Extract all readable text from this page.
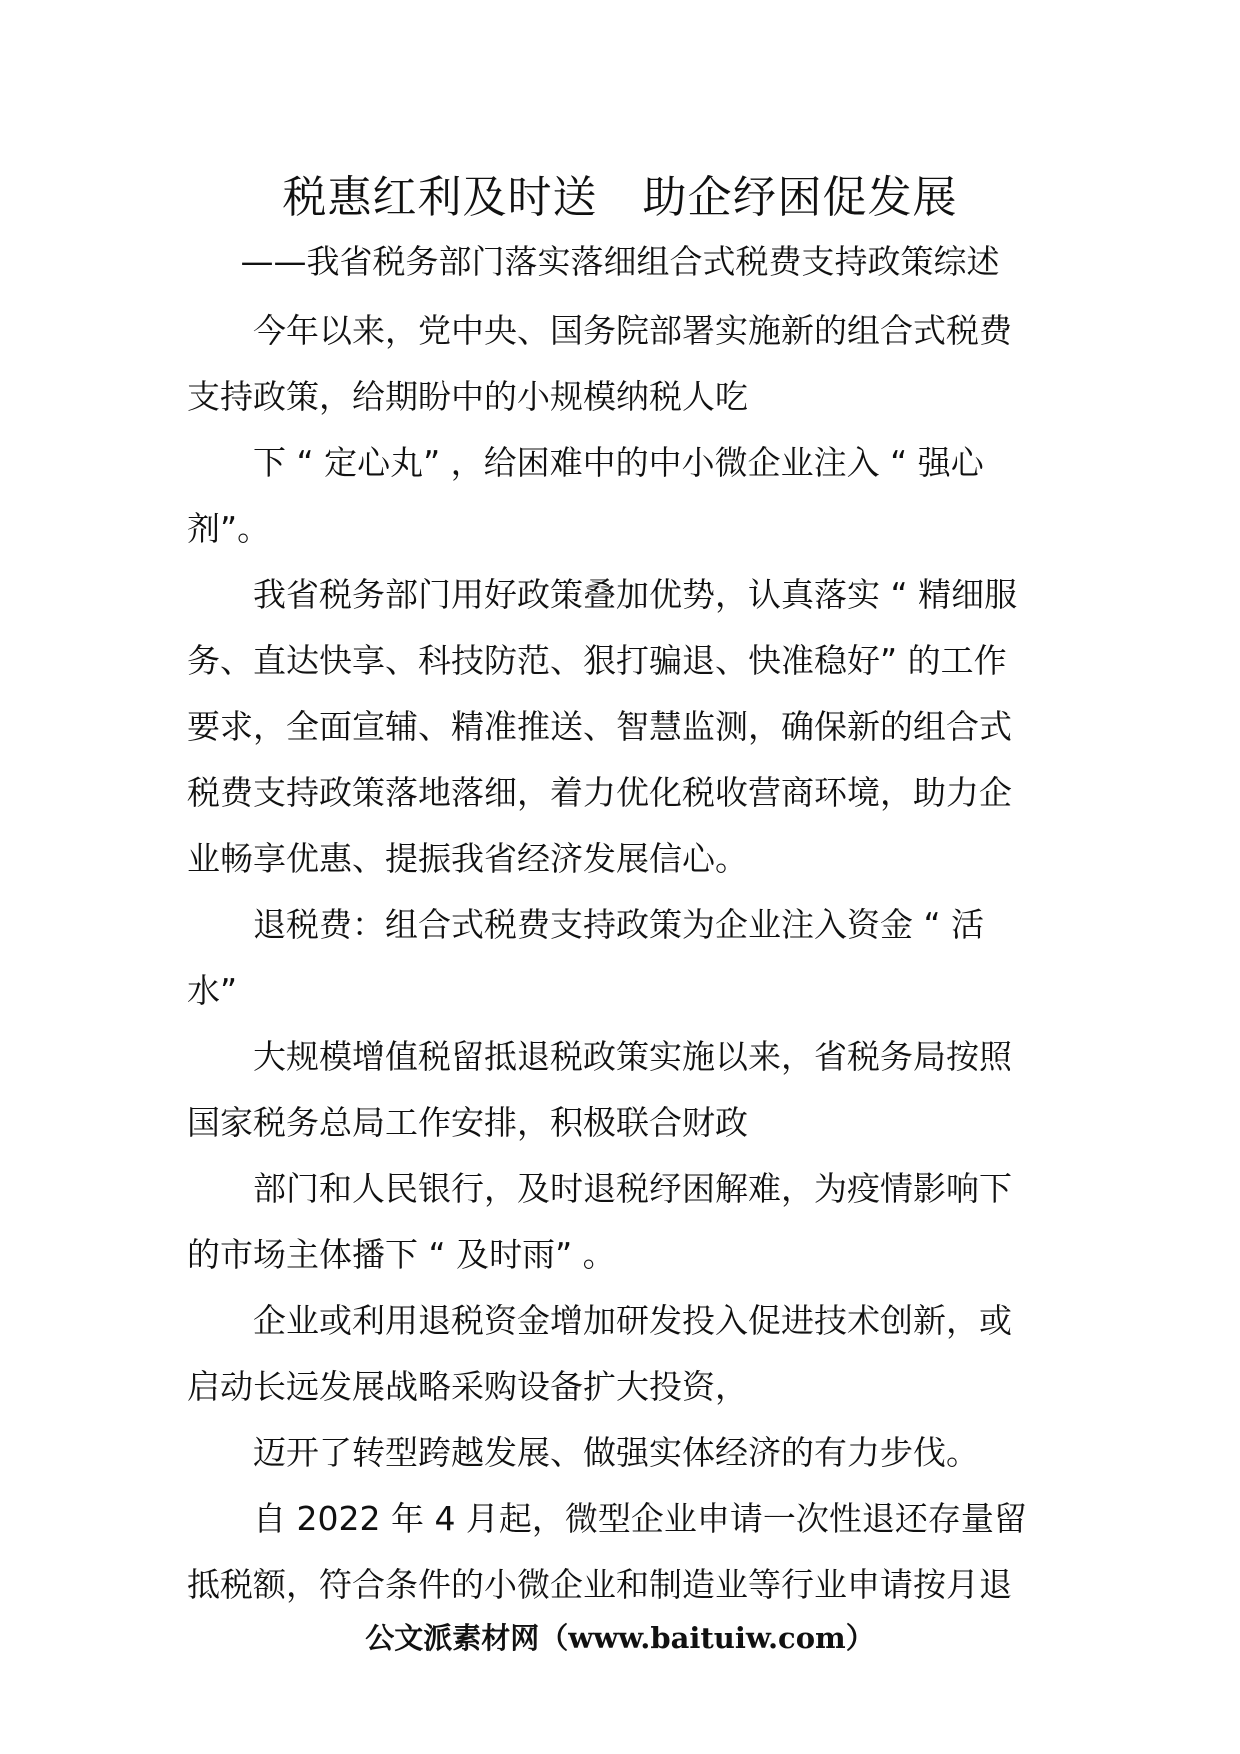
税惠红利及时送　助企纾困促发展

——我省税务部门落实落细组合式税费支持政策综述

今年以来，党中央、国务院部署实施新的组合式税费
支持政策，给期盼中的小规模纳税人吃

下 “ 定心丸” ，给困难中的中小微企业注入 “ 强心
剂”。

我省税务部门用好政策叠加优势，认真落实 “ 精细服
务、直达快享、科技防范、狠打骗退、快准稳好” 的工作
要求，全面宣辅、精准推送、智慧监测，确保新的组合式
税费支持政策落地落细，着力优化税收营商环境，助力企
业畅享优惠、提振我省经济发展信心。

退税费：组合式税费支持政策为企业注入资金 “ 活
水”

大规模增值税留抵退税政策实施以来，省税务局按照
国家税务总局工作安排，积极联合财政

部门和人民银行，及时退税纾困解难，为疫情影响下
的市场主体播下 “ 及时雨” 。

企业或利用退税资金增加研发投入促进技术创新，或
启动长远发展战略采购设备扩大投资，

迈开了转型跨越发展、做强实体经济的有力步伐。

自 2022 年 4 月起，微型企业申请一次性退还存量留
抵税额，符合条件的小微企业和制造业等行业申请按月退

公文派素材网（www.baituiw.com）
